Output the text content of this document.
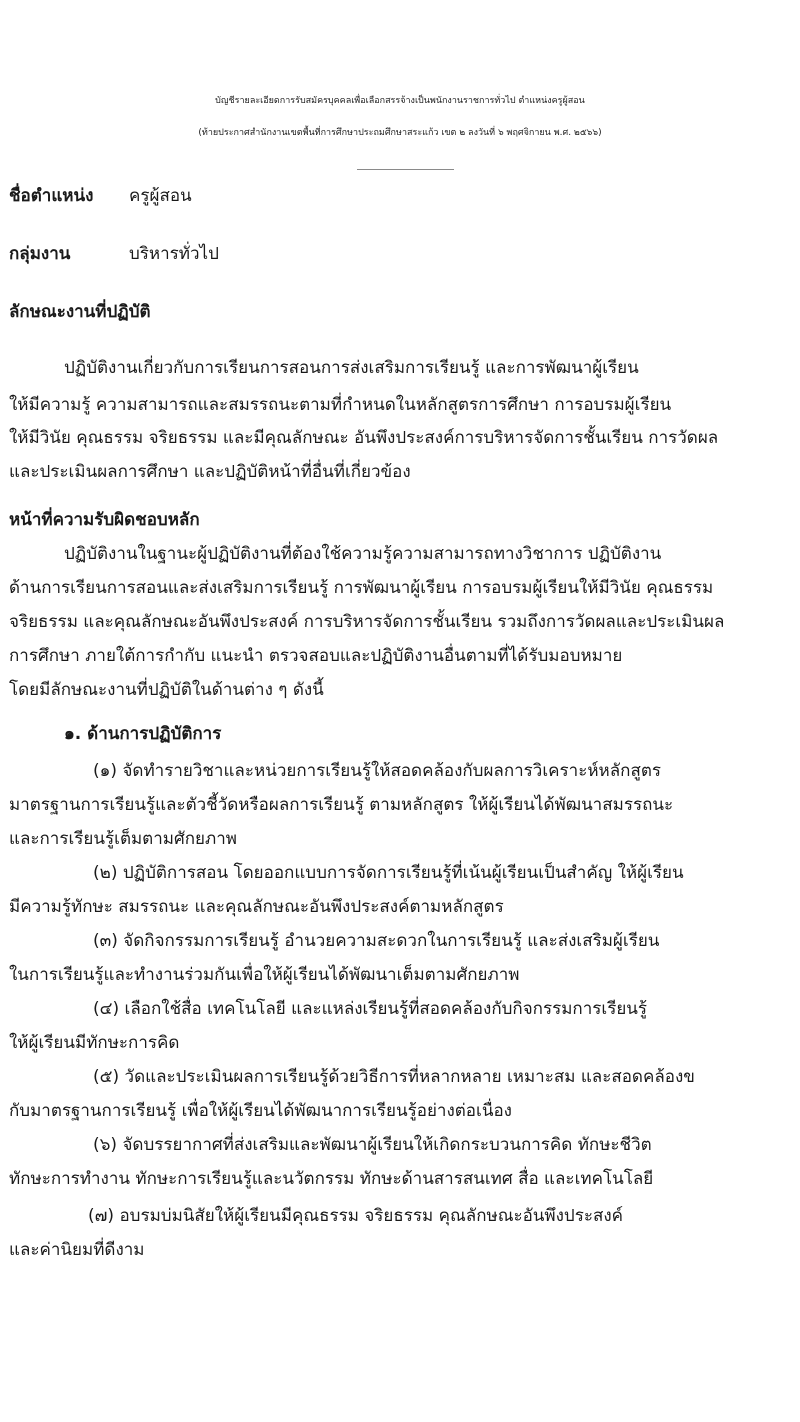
บัญชีรายละเอียดการรับสมัครบุคคลเพื่อเลือกสรรจ้างเป็นพนักงานราชการทั่วไป ตำแหน่งครูผู้สอน
(ท้ายประกาศสำนักงานเขตพื้นที่การศึกษาประถมศึกษาสระแก้ว เขต ๒ ลงวันที่ ๖ พฤศจิกายน พ.ศ. ๒๕๖๖)
ชื่อตำแหน่ง ครูผู้สอน
กลุ่มงาน	บริหารทั่วไป
ลักษณะงานที่ปฏิบัติ
ปฏิบัติงานเกี่ยวกับการเรียนการสอนการส่งเสริมการเรียนรู้ และการพัฒนาผู้เรียน
ให้มีความรู้ ความสามารถและสมรรถนะตามที่กำหนดในหลักสูตรการศึกษา การอบรมผู้เรียน
ให้มีวินัย คุณธรรม จริยธรรม และมีคุณลักษณะ อันพึงประสงค์การบริหารจัดการชั้นเรียน การวัดผล
และประเมินผลการศึกษา และปฏิบัติหน้าที่อื่นที่เกี่ยวข้อง
หน้าที่ความรับผิดชอบหลัก
ปฏิบัติงานในฐานะผู้ปฏิบัติงานที่ต้องใช้ความรู้ความสามารถทางวิชาการ ปฏิบัติงาน
ด้านการเรียนการสอนและส่งเสริมการเรียนรู้ การพัฒนาผู้เรียน การอบรมผู้เรียนให้มีวินัย คุณธรรม
จริยธรรม และคุณลักษณะอันพึงประสงค์ การบริหารจัดการชั้นเรียน รวมถึงการวัดผลและประเมินผล
การศึกษา ภายใต้การกำกับ แนะนำ ตรวจสอบและปฏิบัติงานอื่นตามที่ได้รับมอบหมาย
โดยมีลักษณะงานที่ปฏิบัติในด้านต่าง ๆ ดังนี้
๑. ด้านการปฏิบัติการ
(๑) จัดทำรายวิชาและหน่วยการเรียนรู้ให้สอดคล้องกับผลการวิเคราะห์หลักสูตร
มาตรฐานการเรียนรู้และตัวชี้วัดหรือผลการเรียนรู้ ตามหลักสูตร ให้ผู้เรียนได้พัฒนาสมรรถนะ
และการเรียนรู้เต็มตามศักยภาพ
(๒) ปฏิบัติการสอน โดยออกแบบการจัดการเรียนรู้ที่เน้นผู้เรียนเป็นสำคัญ ให้ผู้เรียน
มีความรู้ทักษะ สมรรถนะ และคุณลักษณะอันพึงประสงค์ตามหลักสูตร
(๓) จัดกิจกรรมการเรียนรู้ อำนวยความสะดวกในการเรียนรู้ และส่งเสริมผู้เรียน
ในการเรียนรู้และทำงานร่วมกันเพื่อให้ผู้เรียนได้พัฒนาเต็มตามศักยภาพ
(๔) เลือกใช้สื่อ เทคโนโลยี และแหล่งเรียนรู้ที่สอดคล้องกับกิจกรรมการเรียนรู้
ให้ผู้เรียนมีทักษะการคิด
(๕) วัดและประเมินผลการเรียนรู้ด้วยวิธีการที่หลากหลาย เหมาะสม และสอดคล้องข
กับมาตรฐานการเรียนรู้ เพื่อให้ผู้เรียนได้พัฒนาการเรียนรู้อย่างต่อเนื่อง
(๖) จัดบรรยากาศที่ส่งเสริมและพัฒนาผู้เรียนให้เกิดกระบวนการคิด ทักษะชีวิต
ทักษะการทำงาน ทักษะการเรียนรู้และนวัตกรรม ทักษะด้านสารสนเทศ สื่อ และเทคโนโลยี
(๗) อบรมบ่มนิสัยให้ผู้เรียนมีคุณธรรม จริยธรรม คุณลักษณะอันพึงประสงค์
และค่านิยมที่ดีงาม
